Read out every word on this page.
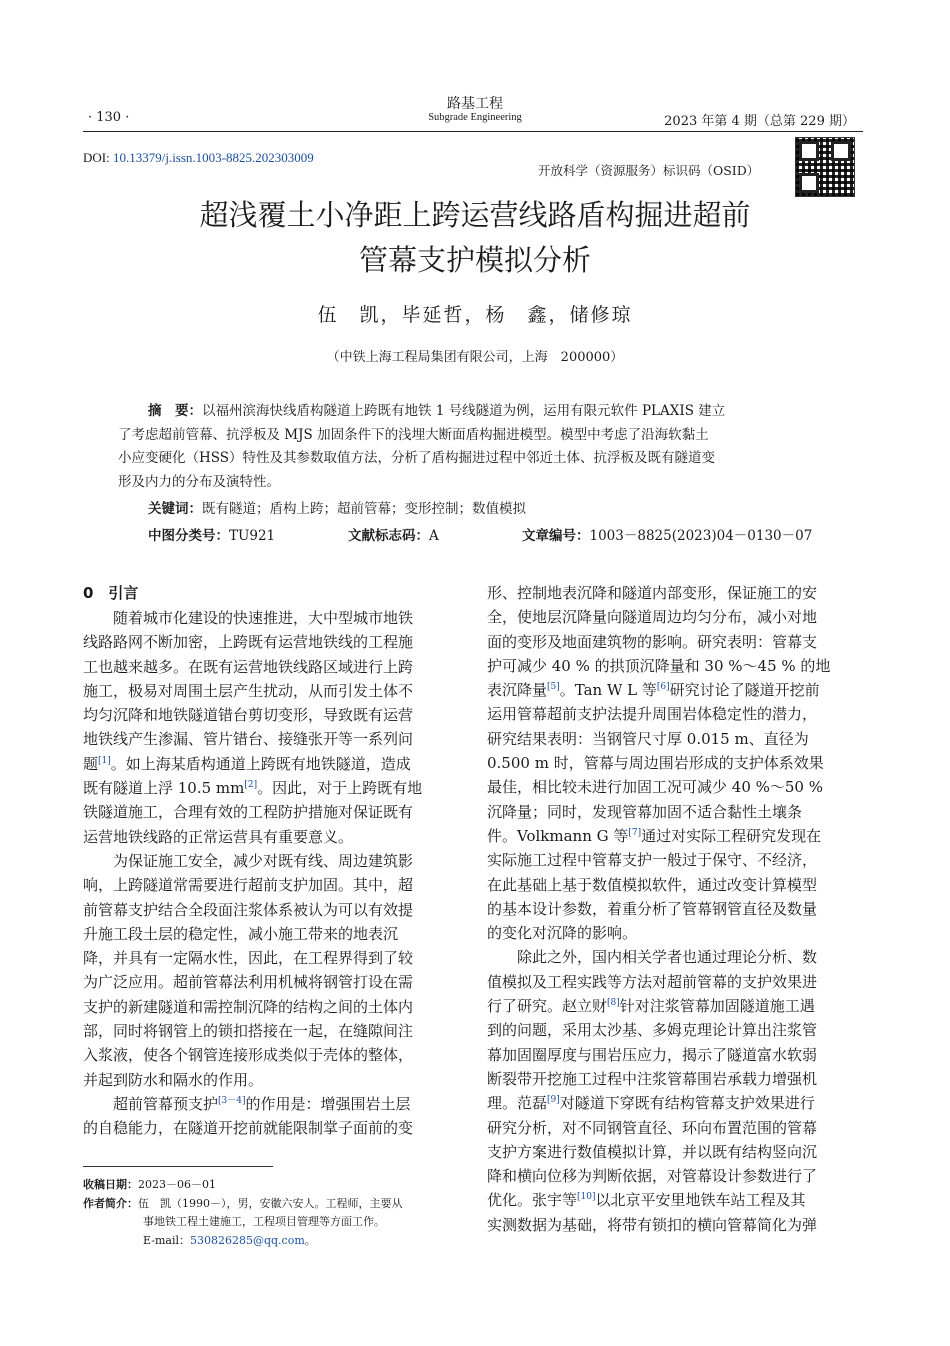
· 130 ·
路基工程
Subgrade Engineering	2023 年第 4 期（总第 229 期）
DOI: 10.13379/j.issn.1003-8825.202303009
开放科学（资源服务）标识码（OSID）
超浅覆土小净距上跨运营线路盾构掘进超前
管幕支护模拟分析
伍　凯，毕延哲，杨　鑫，储修琼
（中铁上海工程局集团有限公司，上海　200000）
摘　要：以福州滨海快线盾构隧道上跨既有地铁 1 号线隧道为例，运用有限元软件 PLAXIS 建立
了考虑超前管幕、抗浮板及 MJS 加固条件下的浅埋大断面盾构掘进模型。模型中考虑了沿海软黏土
小应变硬化（HSS）特性及其参数取值方法，分析了盾构掘进过程中邻近土体、抗浮板及既有隧道变
形及内力的分布及演特性。
关键词：既有隧道；盾构上跨；超前管幕；变形控制；数值模拟
中图分类号：TU921	文献标志码：A	文章编号：1003－8825(2023)04－0130－07
0　引言

随着城市化建设的快速推进，大中型城市地铁

线路路网不断加密，上跨既有运营地铁线的工程施

工也越来越多。在既有运营地铁线路区域进行上跨

施工，极易对周围土层产生扰动，从而引发土体不

均匀沉降和地铁隧道错台剪切变形，导致既有运营

地铁线产生渗漏、管片错台、接缝张开等一系列问

题[1]。如上海某盾构通道上跨既有地铁隧道，造成

既有隧道上浮 10.5 mm[2]。因此，对于上跨既有地

铁隧道施工，合理有效的工程防护措施对保证既有

运营地铁线路的正常运营具有重要意义。

为保证施工安全，减少对既有线、周边建筑影

响，上跨隧道常需要进行超前支护加固。其中，超

前管幕支护结合全段面注浆体系被认为可以有效提

升施工段土层的稳定性，减小施工带来的地表沉

降，并具有一定隔水性，因此，在工程界得到了较

为广泛应用。超前管幕法利用机械将钢管打设在需

支护的新建隧道和需控制沉降的结构之间的土体内

部，同时将钢管上的锁扣搭接在一起，在缝隙间注

入浆液，使各个钢管连接形成类似于壳体的整体，

并起到防水和隔水的作用。

超前管幕预支护[3－4]的作用是：增强围岩土层

的自稳能力，在隧道开挖前就能限制掌子面前的变

收稿日期：2023－06－01
作者简介：伍　凯（1990－），男，安徽六安人。工程师，主要从
事地铁工程土建施工，工程项目管理等方面工作。
E-mail：530826285@qq.com。

形、控制地表沉降和隧道内部变形，保证施工的安

全，使地层沉降量向隧道周边均匀分布，减小对地

面的变形及地面建筑物的影响。研究表明：管幕支

护可减少 40 % 的拱顶沉降量和 30 %～45 % 的地

表沉降量[5]。Tan W L 等[6]研究讨论了隧道开挖前

运用管幕超前支护法提升周围岩体稳定性的潜力，

研究结果表明：当钢管尺寸厚 0.015 m、直径为

0.500 m 时，管幕与周边围岩形成的支护体系效果

最佳，相比较未进行加固工况可减少 40 %～50 %

沉降量；同时，发现管幕加固不适合黏性土壤条

件。Volkmann G 等[7]通过对实际工程研究发现在

实际施工过程中管幕支护一般过于保守、不经济，

在此基础上基于数值模拟软件，通过改变计算模型

的基本设计参数，着重分析了管幕钢管直径及数量

的变化对沉降的影响。

除此之外，国内相关学者也通过理论分析、数

值模拟及工程实践等方法对超前管幕的支护效果进

行了研究。赵立财[8]针对注浆管幕加固隧道施工遇

到的问题，采用太沙基、多姆克理论计算出注浆管

幕加固圈厚度与围岩压应力，揭示了隧道富水软弱

断裂带开挖施工过程中注浆管幕围岩承载力增强机

理。范磊[9]对隧道下穿既有结构管幕支护效果进行

研究分析，对不同钢管直径、环向布置范围的管幕

支护方案进行数值模拟计算，并以既有结构竖向沉

降和横向位移为判断依据，对管幕设计参数进行了

优化。张宇等[10]以北京平安里地铁车站工程及其

实测数据为基础，将带有锁扣的横向管幕简化为弹
